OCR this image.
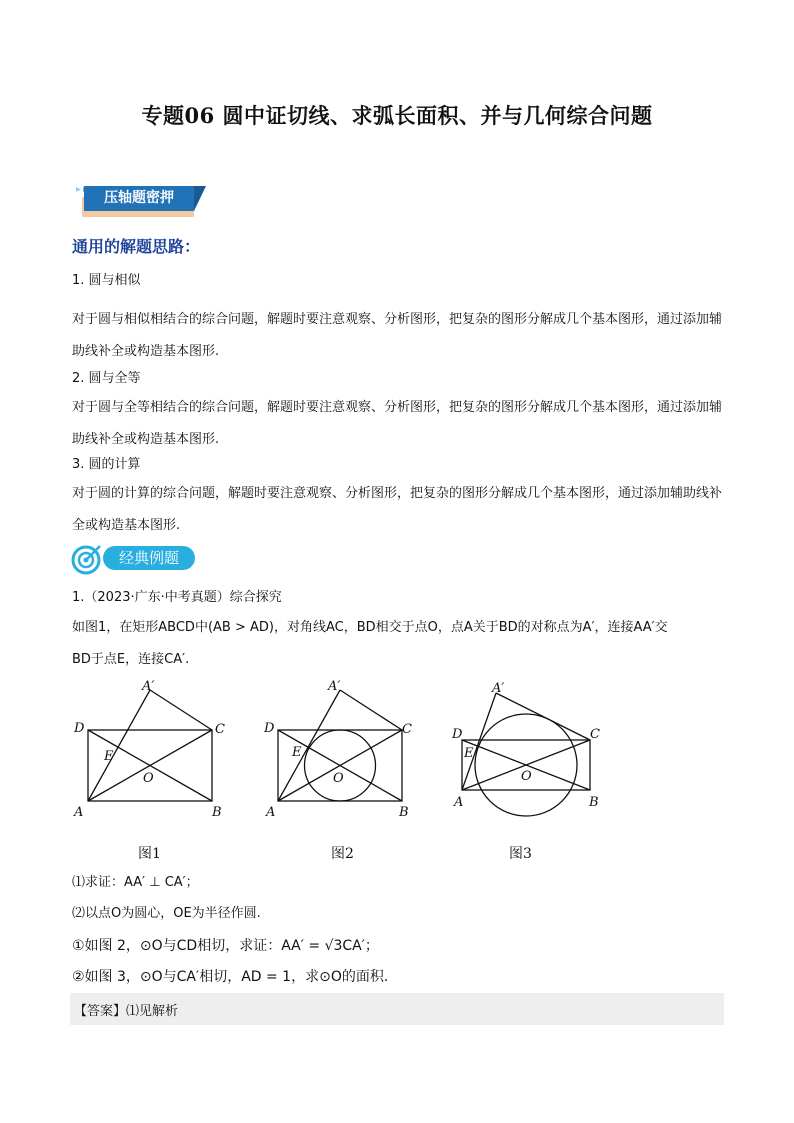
专题06 圆中证切线、求弧长面积、并与几何综合问题
压轴题密押
通用的解题思路：
1. 圆与相似
对于圆与相似相结合的综合问题，解题时要注意观察、分析图形，把复杂的图形分解成几个基本图形，通过添加辅助线补全或构造基本图形.
2. 圆与全等
对于圆与全等相结合的综合问题，解题时要注意观察、分析图形，把复杂的图形分解成几个基本图形，通过添加辅助线补全或构造基本图形.
3. 圆的计算
对于圆的计算的综合问题，解题时要注意观察、分析图形，把复杂的图形分解成几个基本图形，通过添加辅助线补全或构造基本图形.
经典例题
1.（2023·广东·中考真题）综合探究
如图1，在矩形ABCD中(AB > AD)，对角线AC，BD相交于点O，点A关于BD的对称点为A′，连接AA′交
BD于点E，连接CA′.
D	C
A	B
A′
E
O
D	C
A	B
A′
E
O
D	C
A	B
A′
E
O
图1	图2	图3
⑴求证：AA′ ⊥ CA′；
⑵以点O为圆心，OE为半径作圆.
①如图 2，⊙O与CD相切，求证：AA′ = √3CA′；
②如图 3，⊙O与CA′相切，AD = 1，求⊙O的面积.
【答案】⑴见解析
